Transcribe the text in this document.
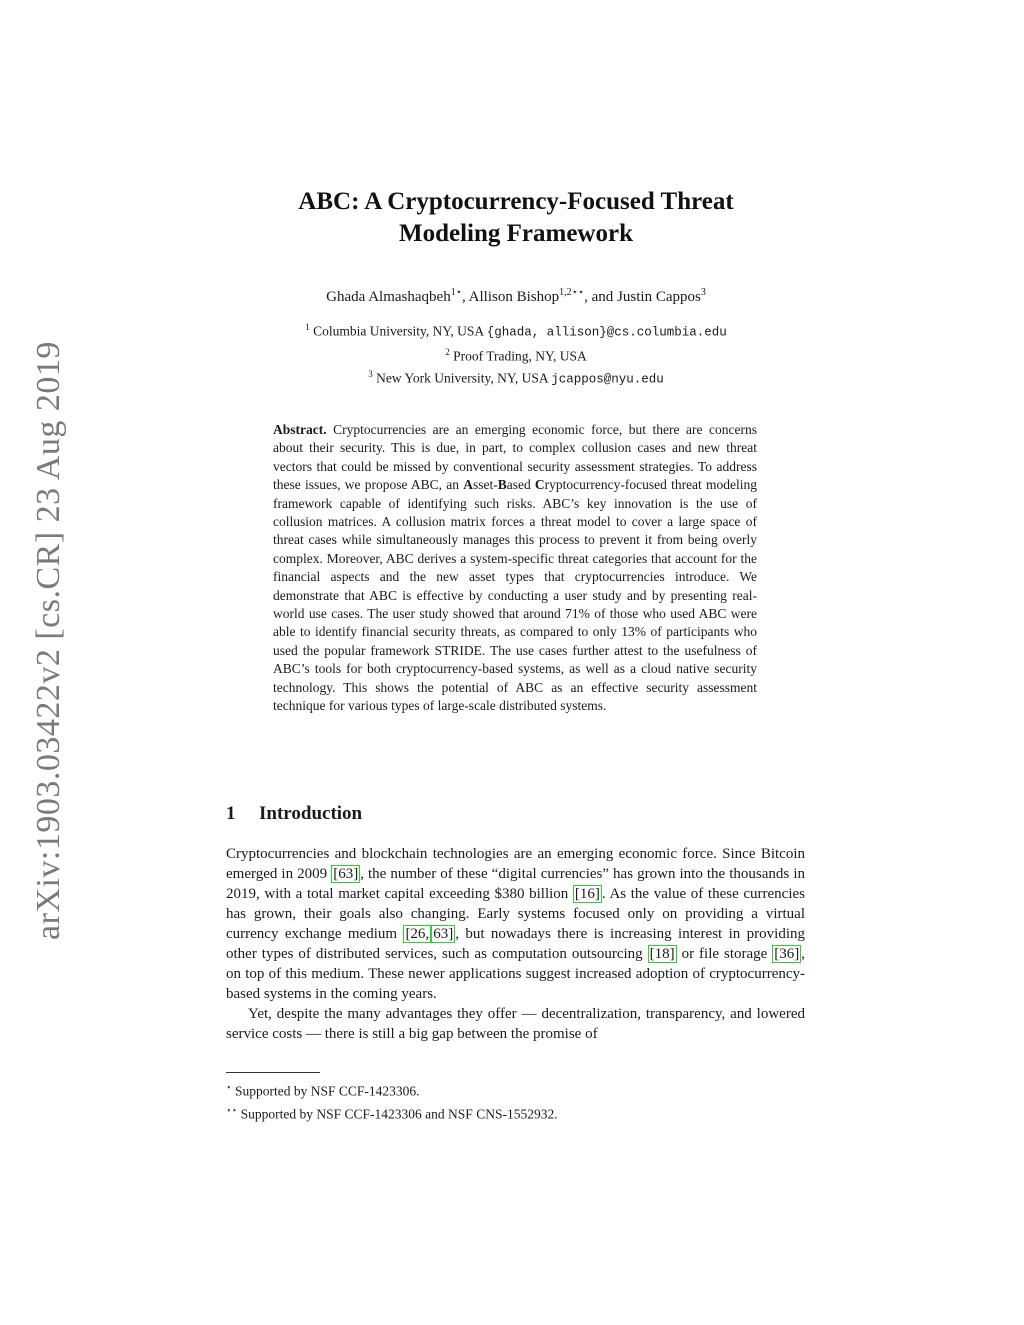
arXiv:1903.03422v2 [cs.CR] 23 Aug 2019
ABC: A Cryptocurrency-Focused Threat
Modeling Framework
Ghada Almashaqbeh$^{1⋆}$, Allison Bishop$^{1,2⋆⋆}$, and Justin Cappos$^3$
$^1$ Columbia University, NY, USA {ghada, allison}@cs.columbia.edu
$^2$ Proof Trading, NY, USA
$^3$ New York University, NY, USA jcappos@nyu.edu
Abstract. Cryptocurrencies are an emerging economic force, but there are concerns about their security. This is due, in part, to complex collusion cases and new threat vectors that could be missed by conventional security assessment strategies. To address these issues, we propose ABC, an Asset-Based Cryptocurrency-focused threat modeling framework capable of identifying such risks. ABC’s key innovation is the use of collusion matrices. A collusion matrix forces a threat model to cover a large space of threat cases while simultaneously manages this process to prevent it from being overly complex. Moreover, ABC derives a system-specific threat categories that account for the financial aspects and the new asset types that cryptocurrencies introduce. We demonstrate that ABC is effective by conducting a user study and by presenting real-world use cases. The user study showed that around 71% of those who used ABC were able to identify financial security threats, as compared to only 13% of participants who used the popular framework STRIDE. The use cases further attest to the usefulness of ABC’s tools for both cryptocurrency-based systems, as well as a cloud native security technology. This shows the potential of ABC as an effective security assessment technique for various types of large-scale distributed systems.
1 Introduction

Cryptocurrencies and blockchain technologies are an emerging economic force. Since Bitcoin emerged in 2009 [63] , the number of these “digital currencies” has grown into the thousands in 2019, with a total market capital exceeding $380 billion [16] . As the value of these currencies has grown, their goals also changing. Early systems focused only on providing a virtual currency exchange medium [26, 63] , but nowadays there is increasing interest in providing other types of distributed services, such as computation outsourcing [18] or file storage [36] , on top of this medium. These newer applications suggest increased adoption of cryptocurrency-based systems in the coming years.

Yet, despite the many advantages they offer — decentralization, transparency, and lowered service costs — there is still a big gap between the promise of

⋆ Supported by NSF CCF-1423306.
⋆⋆ Supported by NSF CCF-1423306 and NSF CNS-1552932.
